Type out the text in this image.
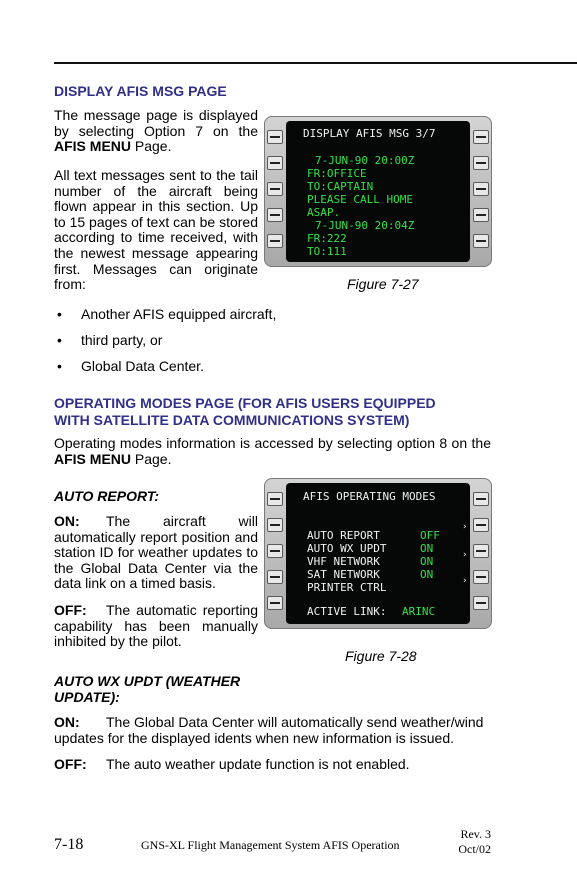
DISPLAY AFIS MSG PAGE

The message page is displayed by selecting Option 7 on the AFIS MENU Page.

All text messages sent to the tail number of the aircraft being flown appear in this section. Up to 15 pages of text can be stored according to time received, with the newest message appearing first. Messages can originate from:

• Another AFIS equipped aircraft,
• third party, or
• Global Data Center.
DISPLAY AFIS MSG 3/7
7-JUN-90 20:00Z
FR:OFFICE
TO:CAPTAIN
PLEASE CALL HOME
ASAP.
7-JUN-90 20:04Z
FR:222
TO:111
Figure 7-27
OPERATING MODES PAGE (FOR AFIS USERS EQUIPPED
WITH SATELLITE DATA COMMUNICATIONS SYSTEM)

Operating modes information is accessed by selecting option 8 on the AFIS MENU Page.

AUTO REPORT:

ON: The aircraft will automatically report position and station ID for weather updates to the Global Data Center via the data link on a timed basis.

OFF: The automatic reporting capability has been manually inhibited by the pilot.

AUTO WX UPDT (WEATHER
UPDATE):

ON: The Global Data Center will automatically send weather/wind updates for the displayed idents when new information is issued.

OFF: The auto weather update function is not enabled.

AFIS OPERATING MODES
AUTO REPORT	OFF
›
AUTO WX UPDT	ON
VHF NETWORK	ON	›
SAT NETWORK	ON	›
PRINTER CTRL
ACTIVE LINK: ARINC
Figure 7-28
7-18	GNS-XL Flight Management System AFIS Operation
Rev. 3
Oct/02
